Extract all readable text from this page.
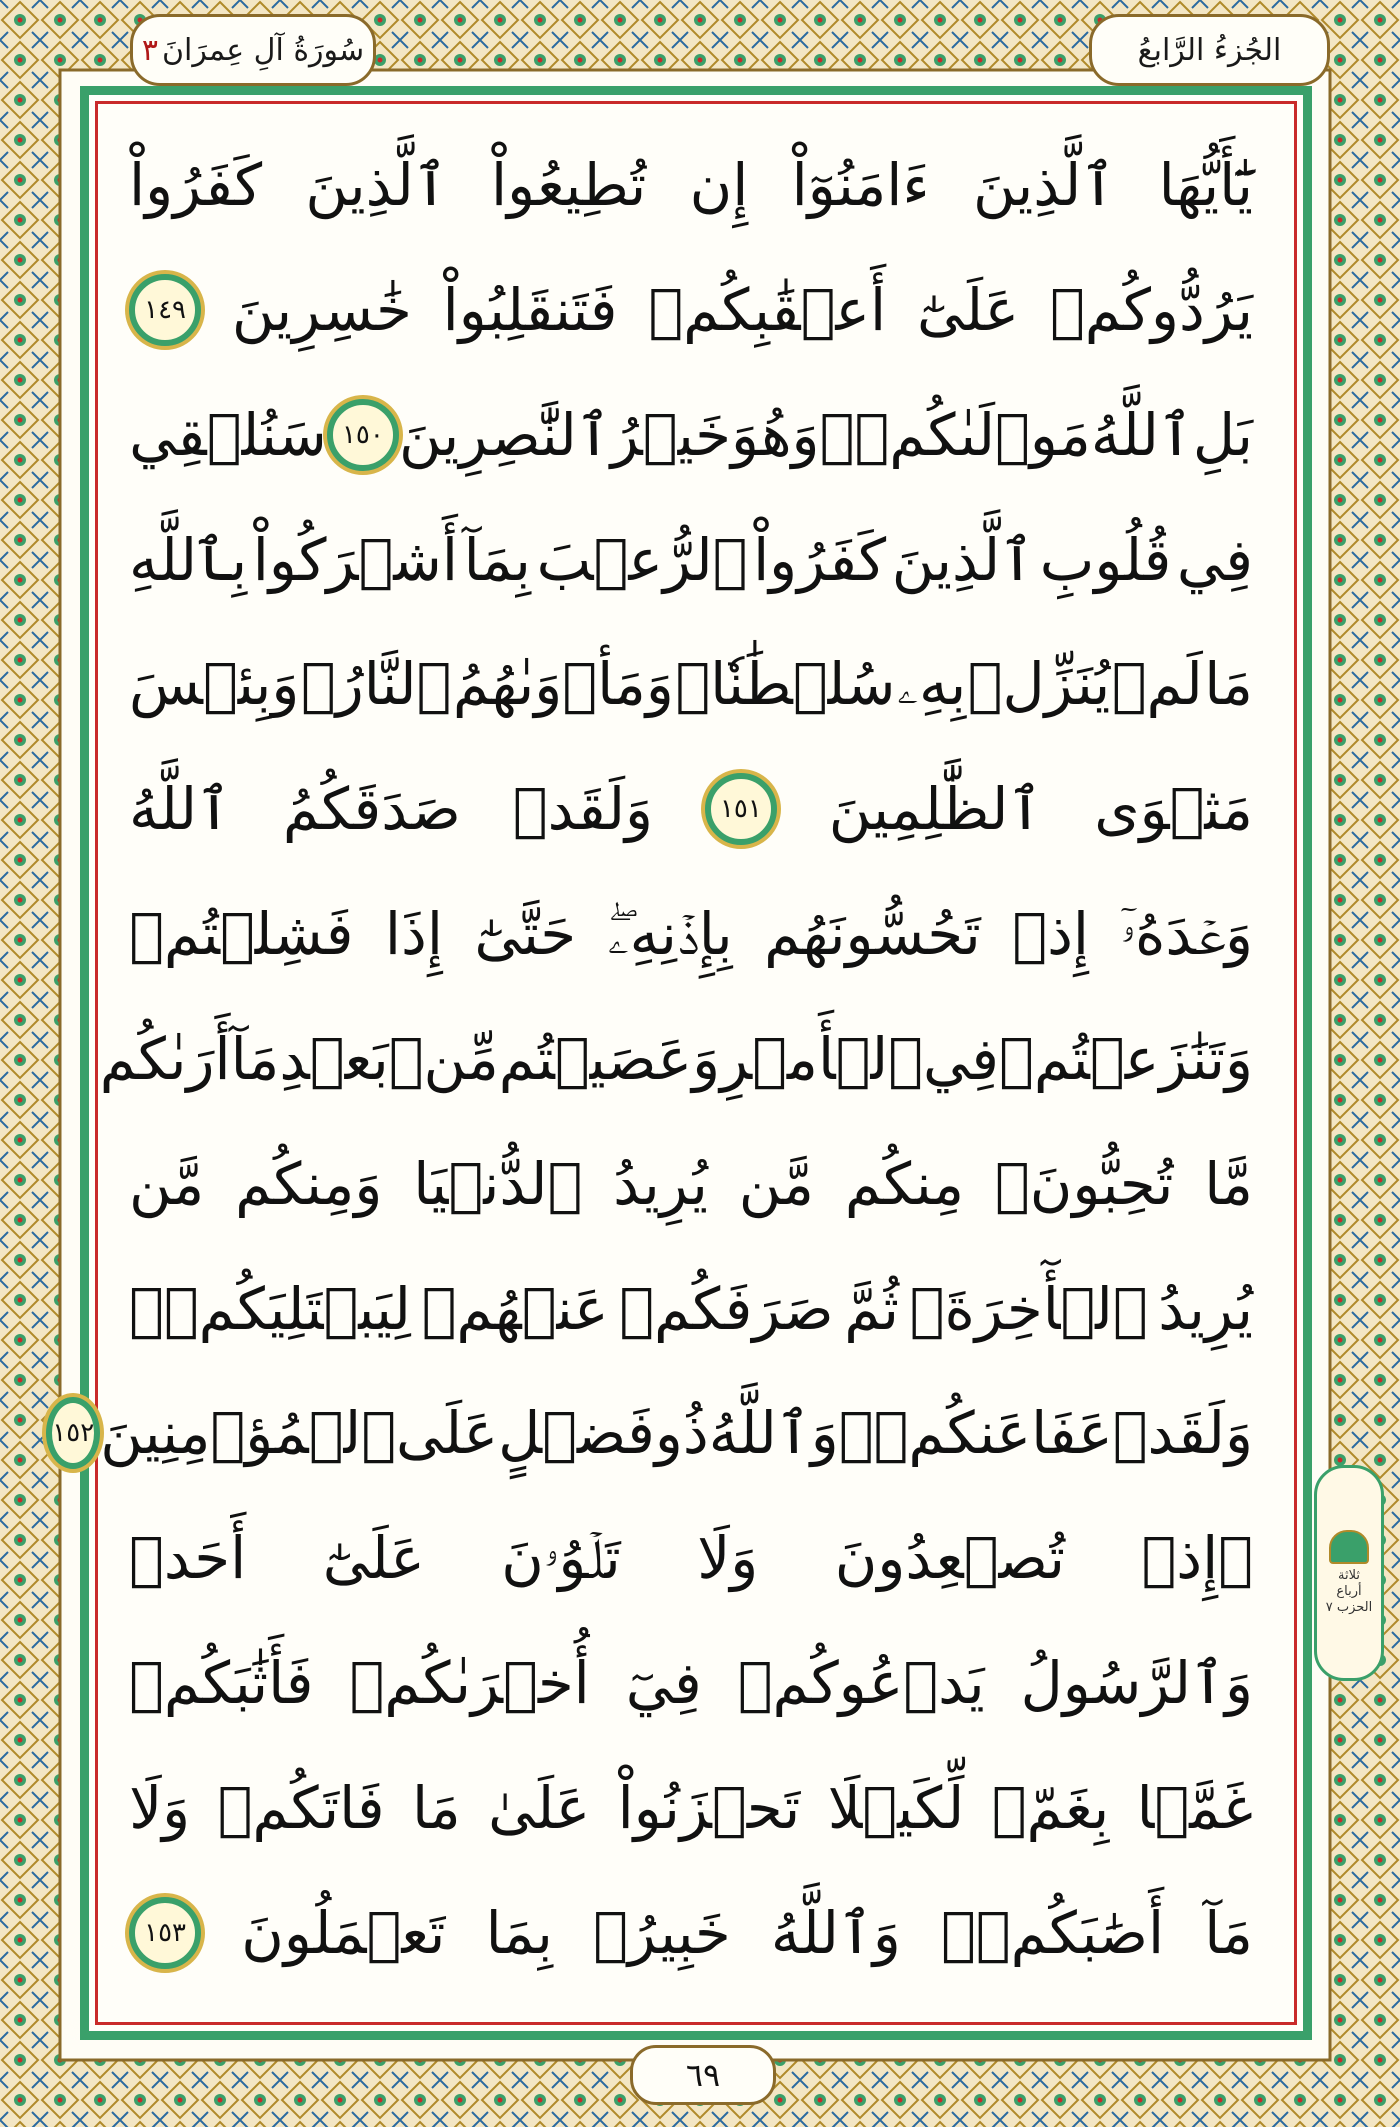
الجُزءُ الرَّابعُ
سُورَةُ آلِ عِمرَانَ
٣
يَٰٓأَيُّهَا
ٱلَّذِينَ
ءَامَنُوٓاْ
إِن
تُطِيعُواْ
ٱلَّذِينَ
كَفَرُواْ
يَرُدُّوكُمۡ
عَلَىٰٓ
أَعۡقَٰبِكُمۡ
فَتَنقَلِبُواْ
خَٰسِرِينَ
١٤٩
بَلِ
ٱللَّهُ
مَوۡلَىٰكُمۡۖ
وَهُوَ
خَيۡرُ
ٱلنَّٰصِرِينَ
١٥٠
سَنُلۡقِي
فِي
قُلُوبِ
ٱلَّذِينَ
كَفَرُواْ
ٱلرُّعۡبَ
بِمَآ
أَشۡرَكُواْ
بِٱللَّهِ
مَا
لَمۡ
يُنَزِّلۡ
بِهِۦ
سُلۡطَٰنٗاۖ
وَمَأۡوَىٰهُمُ
ٱلنَّارُۖ
وَبِئۡسَ
مَثۡوَى
ٱلظَّٰلِمِينَ
١٥١
وَلَقَدۡ
صَدَقَكُمُ
ٱللَّهُ
وَعۡدَهُۥٓ
إِذۡ
تَحُسُّونَهُم
بِإِذۡنِهِۦۖ
حَتَّىٰٓ
إِذَا
فَشِلۡتُمۡ
وَتَنَٰزَعۡتُمۡ
فِي
ٱلۡأَمۡرِ
وَعَصَيۡتُم
مِّنۢ
بَعۡدِ
مَآ
أَرَىٰكُم
مَّا
تُحِبُّونَۚ
مِنكُم
مَّن
يُرِيدُ
ٱلدُّنۡيَا
وَمِنكُم
مَّن
يُرِيدُ
ٱلۡأٓخِرَةَۚ
ثُمَّ
صَرَفَكُمۡ
عَنۡهُمۡ
لِيَبۡتَلِيَكُمۡۖ
وَلَقَدۡ
عَفَا
عَنكُمۡۗ
وَٱللَّهُ
ذُو
فَضۡلٍ
عَلَى
ٱلۡمُؤۡمِنِينَ
١٥٢
۞إِذۡ
تُصۡعِدُونَ
وَلَا
تَلۡوُۥنَ
عَلَىٰٓ
أَحَدٖ
وَٱلرَّسُولُ
يَدۡعُوكُمۡ
فِيٓ
أُخۡرَىٰكُمۡ
فَأَثَٰبَكُمۡ
غَمَّۢا
بِغَمّٖ
لِّكَيۡلَا
تَحۡزَنُواْ
عَلَىٰ
مَا
فَاتَكُمۡ
وَلَا
مَآ
أَصَٰبَكُمۡۗ
وَٱللَّهُ
خَبِيرُۢ
بِمَا
تَعۡمَلُونَ
١٥٣
ثلاثة أرباع الحزب ٧
٦٩
